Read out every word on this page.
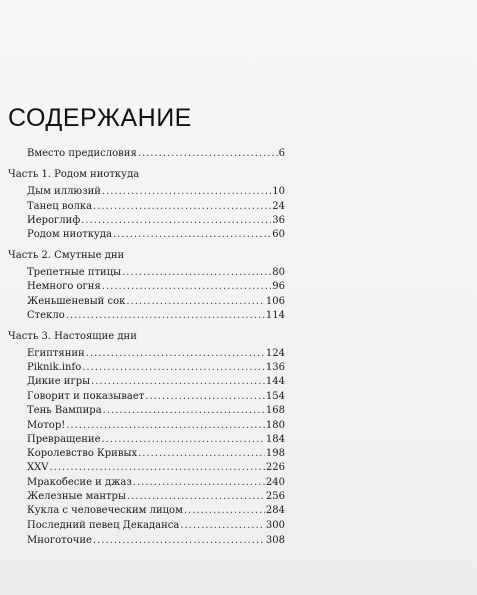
СОДЕРЖАНИЕ
Вместо предисловия .....	6
Часть 1. Родом ниоткуда
Дым иллюзий .....	10
Танец волка .....	24
Иероглиф .....	36
Родом ниоткуда .....	60
Часть 2. Смутные дни
Трепетные птицы .....	80
Немного огня .....	96
Женьшеневый сок .....	106
Стекло .....	114
Часть 3. Настоящие дни
Египтянин .....	124
Piknik.info .....	136
Дикие игры .....	144
Говорит и показывает .....	154
Тень Вампира .....	168
Мотор! .....	180
Превращение .....	184
Королевство Кривых .....	198
XXV .....	226
Мракобесие и джаз .....	240
Железные мантры .....	256
Кукла с человеческим лицом .....	284
Последний певец Декаданса .....	300
Многоточие .....	308
